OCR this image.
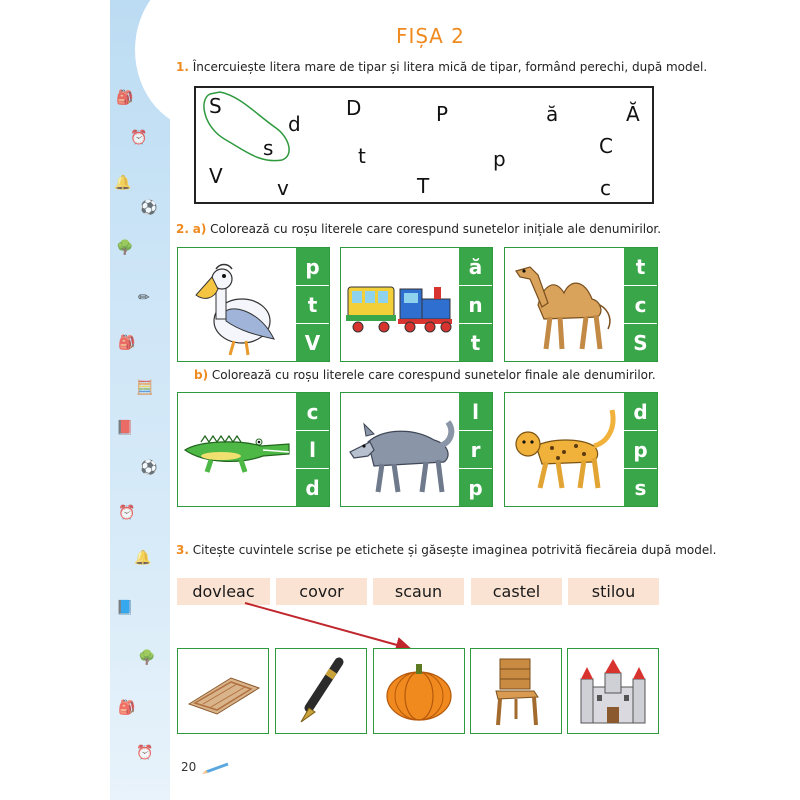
🎒
⏰
🔔
⚽
🌳
✏
🎒
🧮
📕
⚽
⏰
🔔
📘
🌳
🎒
⏰
FIȘA 2
1. Încercuiește litera mare de tipar și litera mică de tipar, formând perechi, după model.
S
d
D	P	ă	Ă
s	t	p
C
V	v	T	c
2. a) Colorează cu roșu literele care corespund sunetelor inițiale ale denumirilor.
p
t
V
ă
n
t
t
c
S
b) Colorează cu roșu literele care corespund sunetelor finale ale denumirilor.
c
l
d
l
r
p
d
p
s
3. Citește cuvintele scrise pe etichete și găsește imaginea potrivită fiecăreia după model.
dovleac	covor	scaun	castel	stilou
20
